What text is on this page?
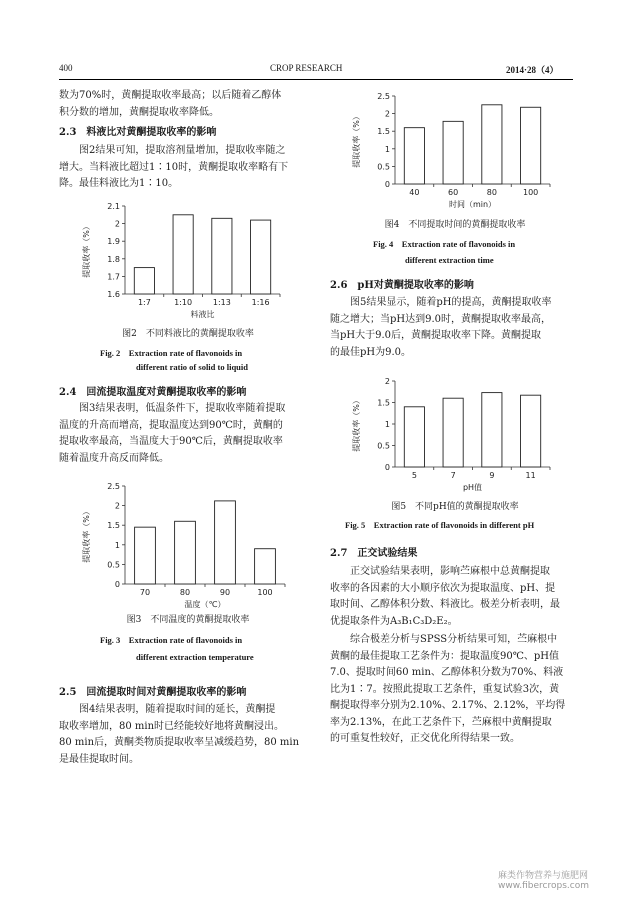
400	CROP RESEARCH	2014·28（4）
数为70%时，黄酮提取收率最高；以后随着乙醇体
积分数的增加，黄酮提取收率降低。
2.3　料液比对黄酮提取收率的影响
图2结果可知，提取溶剂量增加，提取收率随之
增大。当料液比超过1∶10时，黄酮提取收率略有下
降。最佳料液比为1∶10。
1.6
1.7
1.8
1.9
2
2.1
1:7	1:10	1:13	1:16
料液比
提取收率（%）
图2　不同料液比的黄酮提取收率
Fig. 2　Extraction rate of flavonoids in
different ratio of solid to liquid
2.4　回流提取温度对黄酮提取收率的影响
图3结果表明，低温条件下，提取收率随着提取
温度的升高而增高，提取温度达到90℃时，黄酮的
提取收率最高，当温度大于90℃后，黄酮提取收率
随着温度升高反而降低。
0
0.5
1
1.5
2
2.5
70	80	90	100
温度（℃）
提取收率（%）
图3　不同温度的黄酮提取收率
Fig. 3　Extraction rate of flavonoids in
different extraction temperature
2.5　回流提取时间对黄酮提取收率的影响
图4结果表明，随着提取时间的延长，黄酮提
取收率增加，80 min时已经能较好地将黄酮浸出。
80 min后，黄酮类物质提取收率呈减缓趋势，80 min
是最佳提取时间。
0
0.5
1
1.5
2
2.5
40	60	80	100
时间（min）
提取收率（%）
图4　不同提取时间的黄酮提取收率
Fig. 4　Extraction rate of flavonoids in
different extraction time
2.6　pH对黄酮提取收率的影响
图5结果显示，随着pH的提高，黄酮提取收率
随之增大；当pH达到9.0时，黄酮提取收率最高，
当pH大于9.0后，黄酮提取收率下降。黄酮提取
的最佳pH为9.0。
0
0.5
1
1.5
2
5	7	9	11
pH值
提取收率（%）
图5　不同pH值的黄酮提取收率
Fig. 5　Extraction rate of flavonoids in different pH
2.7　正交试验结果
正交试验结果表明，影响苎麻根中总黄酮提取
收率的各因素的大小顺序依次为提取温度、pH、提
取时间、乙醇体积分数、料液比。极差分析表明，最
优提取条件为A₃B₁C₃D₂E₂。
综合极差分析与SPSS分析结果可知，苎麻根中
黄酮的最佳提取工艺条件为：提取温度90℃、pH值
7.0、提取时间60 min、乙醇体积分数为70%、料液
比为1∶7。按照此提取工艺条件，重复试验3次，黄
酮提取得率分别为2.10%、2.17%、2.12%，平均得
率为2.13%，在此工艺条件下，苎麻根中黄酮提取
的可重复性较好，正交优化所得结果一致。
麻类作物营养与施肥网
www.fibercrops.com
